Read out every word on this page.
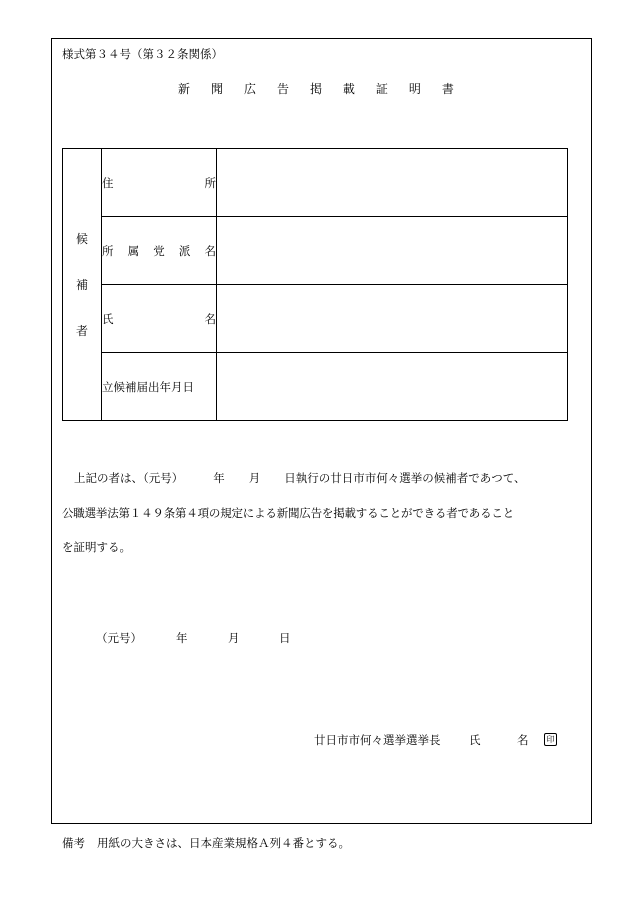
様式第３４号（第３２条関係）
新 聞 広 告 掲 載 証 明 書
候
補
者	住 所	

	所 属 党 派 名	

	氏 名	

	立候補届出年月日	

上記の者は、（元号）	年 月 日執行の廿日市市何々選挙の候補者であつて、

公職選挙法第１４９条第４項の規定による新聞広告を掲載することができる者であること

を証明する。

（元号）	年	月	日
廿日市市何々選挙選挙長 氏	名	印
備考 用紙の大きさは、日本産業規格Ａ列４番とする。
